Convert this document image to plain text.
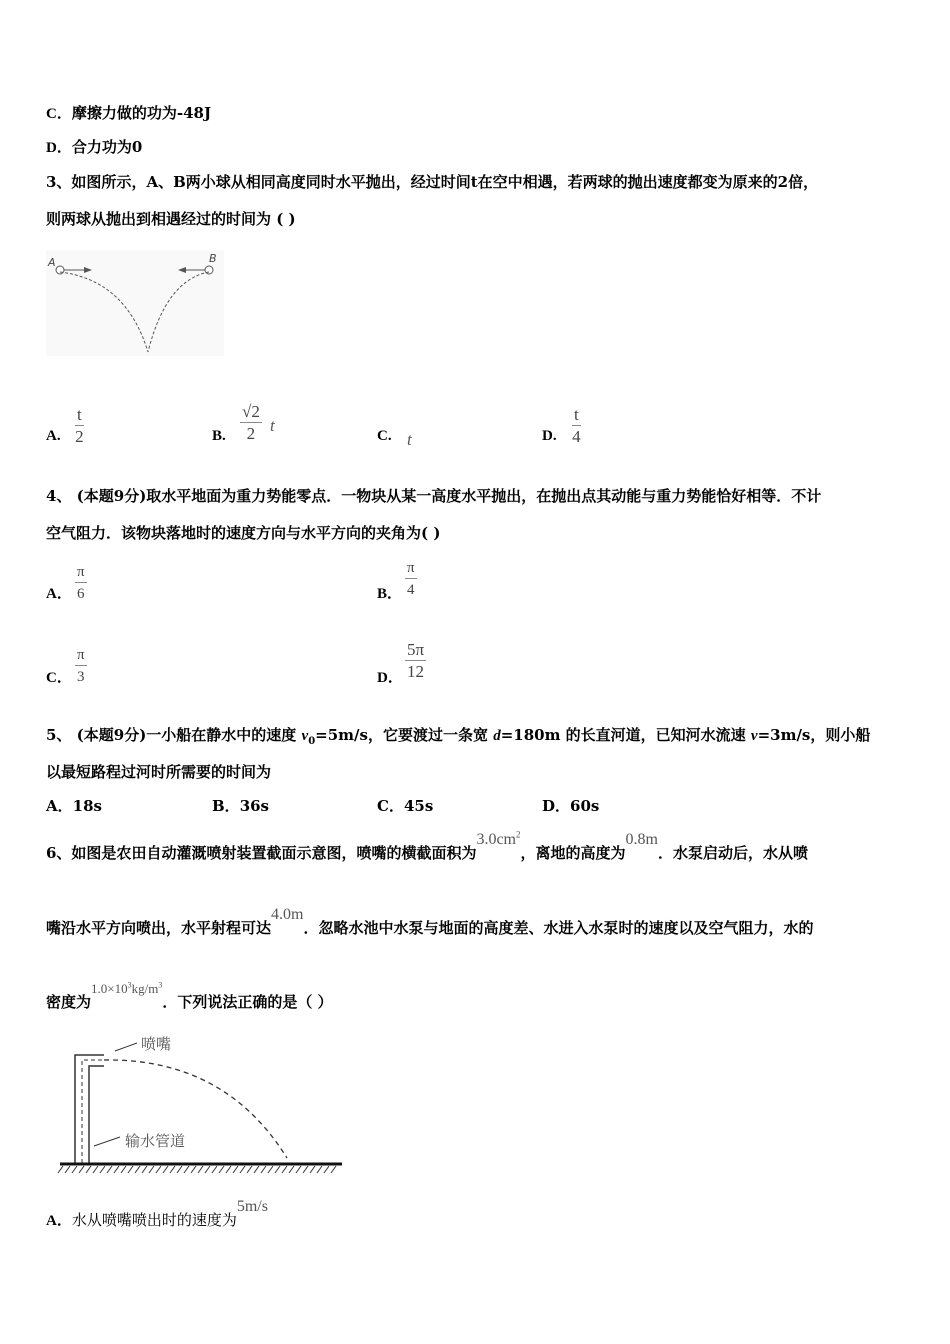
C．摩擦力做的功为-48J
D．合力功为0
3、如图所示，A、B两小球从相同高度同时水平抛出，经过时间t在空中相遇，若两球的抛出速度都变为原来的2倍，
则两球从抛出到相遇经过的时间为 ( )
A	B
A. $\frac{t}{2}$	B. $\frac{√2}{2}$ t
C. t	D. $\frac{t}{4}$
4、 (本题9分)取水平地面为重力势能零点．一物块从某一高度水平抛出，在抛出点其动能与重力势能恰好相等．不计
空气阻力．该物块落地时的速度方向与水平方向的夹角为( )
A． $\frac{\pi}{6}$	B． $\frac{\pi}{4}$
C． $\frac{\pi}{3}$	D． $\frac{5\pi}{12}$
5、 (本题9分)一小船在静水中的速度 $v_0=5m/s$，它要渡过一条宽 d=180m 的长直河道，已知河水流速 v=3m/s，则小船
以最短路程过河时所需要的时间为
A．18s	B．36s	C．45s	D．60s
6、如图是农田自动灌溉喷射装置截面示意图，喷嘴的横截面积为$3.0cm^2$，离地的高度为0.8m．水泵启动后，水从喷
嘴沿水平方向喷出，水平射程可达4.0m．忽略水池中水泵与地面的高度差、水进入水泵时的速度以及空气阻力，水的
密度为$1.0\times 10^3kg/m^3$．下列说法正确的是（ ）
喷嘴
输水管道
A．水从喷嘴喷出时的速度为5m/s
